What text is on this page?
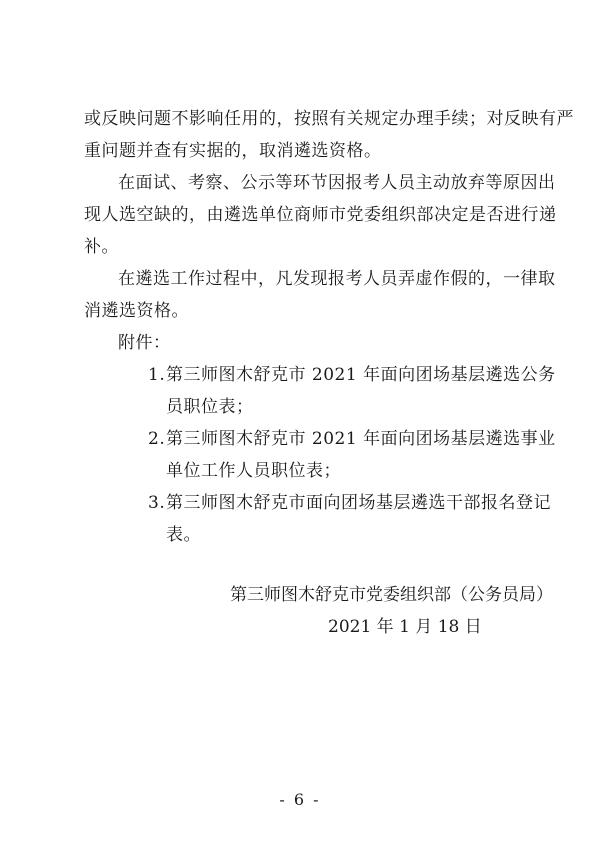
或反映问题不影响任用的，按照有关规定办理手续；对反映有严
重问题并查有实据的，取消遴选资格。
在面试、考察、公示等环节因报考人员主动放弃等原因出
现人选空缺的，由遴选单位商师市党委组织部决定是否进行递
补。
在遴选工作过程中，凡发现报考人员弄虚作假的，一律取
消遴选资格。
附件：
1.第三师图木舒克市 2021 年面向团场基层遴选公务
员职位表；
2.第三师图木舒克市 2021 年面向团场基层遴选事业
单位工作人员职位表；
3.第三师图木舒克市面向团场基层遴选干部报名登记
表。
第三师图木舒克市党委组织部（公务员局）
2021 年 1 月 18 日
- 6 -
